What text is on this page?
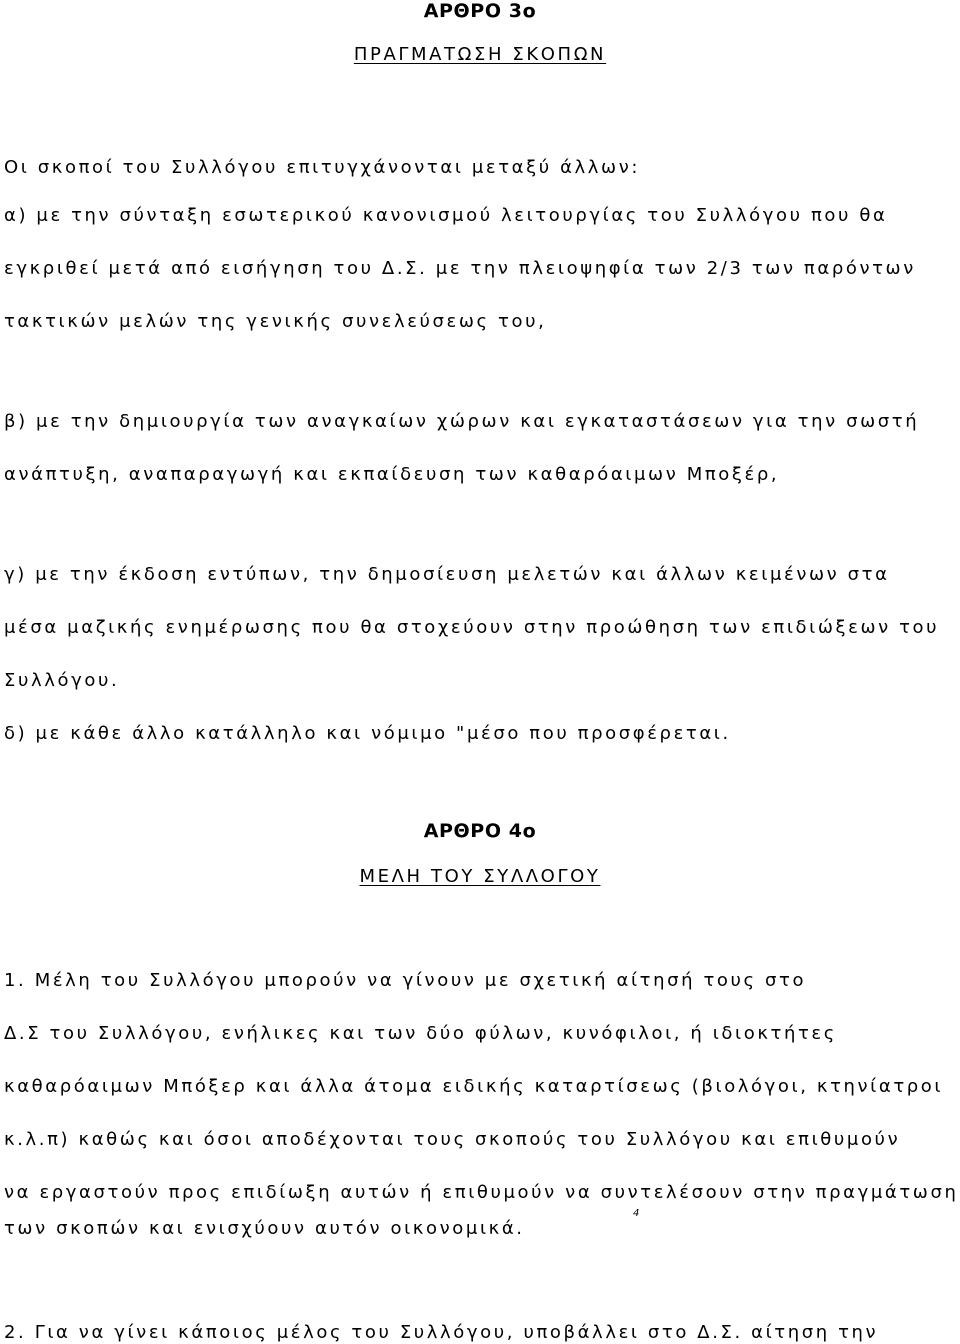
ΑΡΘΡΟ 3ο
ΠΡΑΓΜΑΤΩΣΗ ΣΚΟΠΩΝ
Οι σκοποί του Συλλόγου επιτυγχάνονται μεταξύ άλλων:
α) με την σύνταξη εσωτερικού κανονισμού λειτουργίας του Συλλόγου που θα
εγκριθεί μετά από εισήγηση του Δ.Σ. με την πλειοψηφία των 2/3 των παρόντων
τακτικών μελών της γενικής συνελεύσεως του,
β) με την δημιουργία των αναγκαίων χώρων και εγκαταστάσεων για την σωστή
ανάπτυξη, αναπαραγωγή και εκπαίδευση των καθαρόαιμων Μποξέρ,
γ) με την έκδοση εντύπων, την δημοσίευση μελετών και άλλων κειμένων στα
μέσα μαζικής ενημέρωσης που θα στοχεύουν στην προώθηση των επιδιώξεων του
Συλλόγου.
δ) με κάθε άλλο κατάλληλο και νόμιμο "μέσο που προσφέρεται.
ΑΡΘΡΟ 4ο
ΜΕΛΗ ΤΟΥ ΣΥΛΛΟΓΟΥ
1. Μέλη του Συλλόγου μπορούν να γίνουν με σχετική αίτησή τους στο
Δ.Σ του Συλλόγου, ενήλικες και των δύο φύλων, κυνόφιλοι, ή ιδιοκτήτες
καθαρόαιμων Μπόξερ και άλλα άτομα ειδικής καταρτίσεως (βιολόγοι, κτηνίατροι
κ.λ.π) καθώς και όσοι αποδέχονται τους σκοπούς του Συλλόγου και επιθυμούν
να εργαστούν προς επιδίωξη αυτών ή επιθυμούν να συντελέσουν στην πραγμάτωση
των σκοπών και ενισχύουν αυτόν οικονομικά.
2. Για να γίνει κάποιος μέλος του Συλλόγου, υποβάλλει στο Δ.Σ. αίτηση την
4
